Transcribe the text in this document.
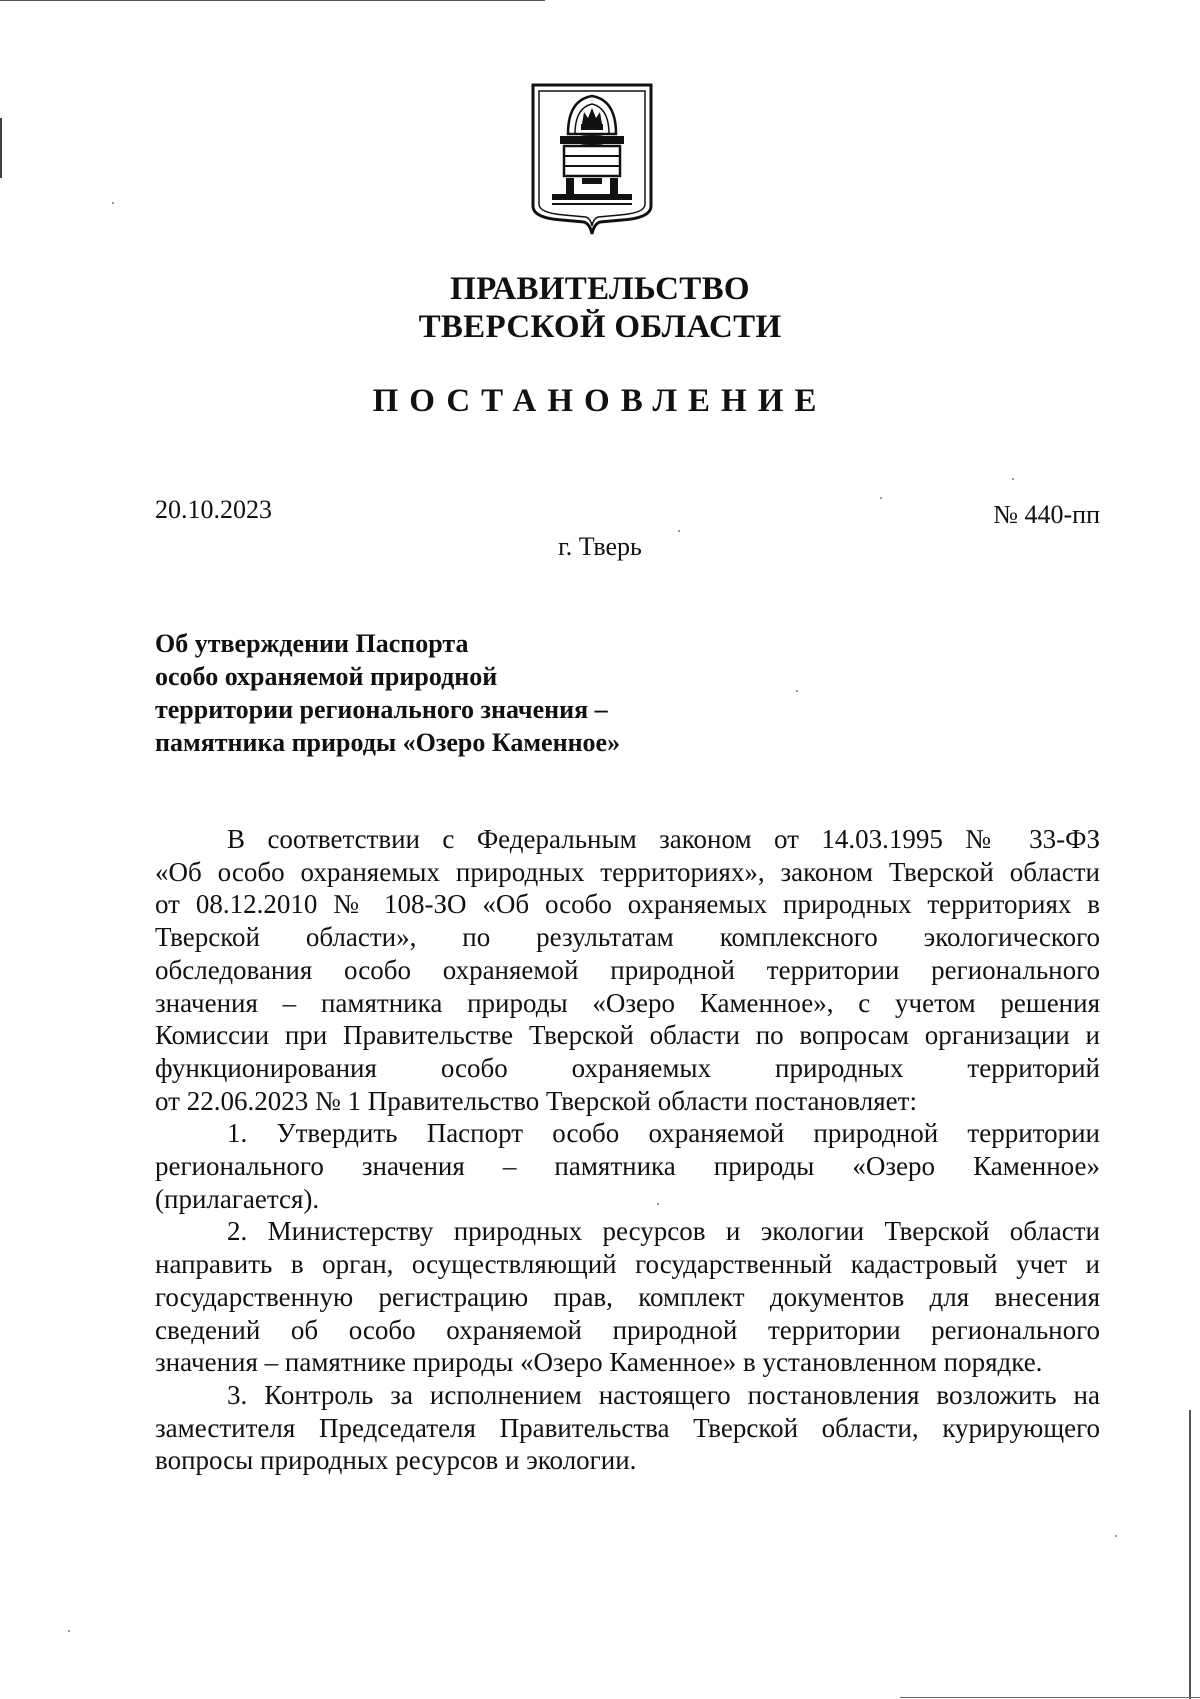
ПРАВИТЕЛЬСТВО
ТВЕРСКОЙ ОБЛАСТИ
ПОСТАНОВЛЕНИЕ
20.10.2023	№ 440-пп
г. Тверь
Об утверждении Паспорта
особо охраняемой природной
территории регионального значения –
памятника природы «Озеро Каменное»
В соответствии с Федеральным законом от 14.03.1995 № 33-ФЗ
«Об особо охраняемых природных территориях», законом Тверской области
от 08.12.2010 № 108-ЗО «Об особо охраняемых природных территориях в
Тверской области», по результатам комплексного экологического
обследования особо охраняемой природной территории регионального
значения – памятника природы «Озеро Каменное», с учетом решения
Комиссии при Правительстве Тверской области по вопросам организации и
функционирования особо охраняемых природных территорий
от 22.06.2023 № 1 Правительство Тверской области постановляет:
1. Утвердить Паспорт особо охраняемой природной территории
регионального значения – памятника природы «Озеро Каменное»
(прилагается).
2. Министерству природных ресурсов и экологии Тверской области
направить в орган, осуществляющий государственный кадастровый учет и
государственную регистрацию прав, комплект документов для внесения
сведений об особо охраняемой природной территории регионального
значения – памятнике природы «Озеро Каменное» в установленном порядке.
3. Контроль за исполнением настоящего постановления возложить на
заместителя Председателя Правительства Тверской области, курирующего
вопросы природных ресурсов и экологии.
